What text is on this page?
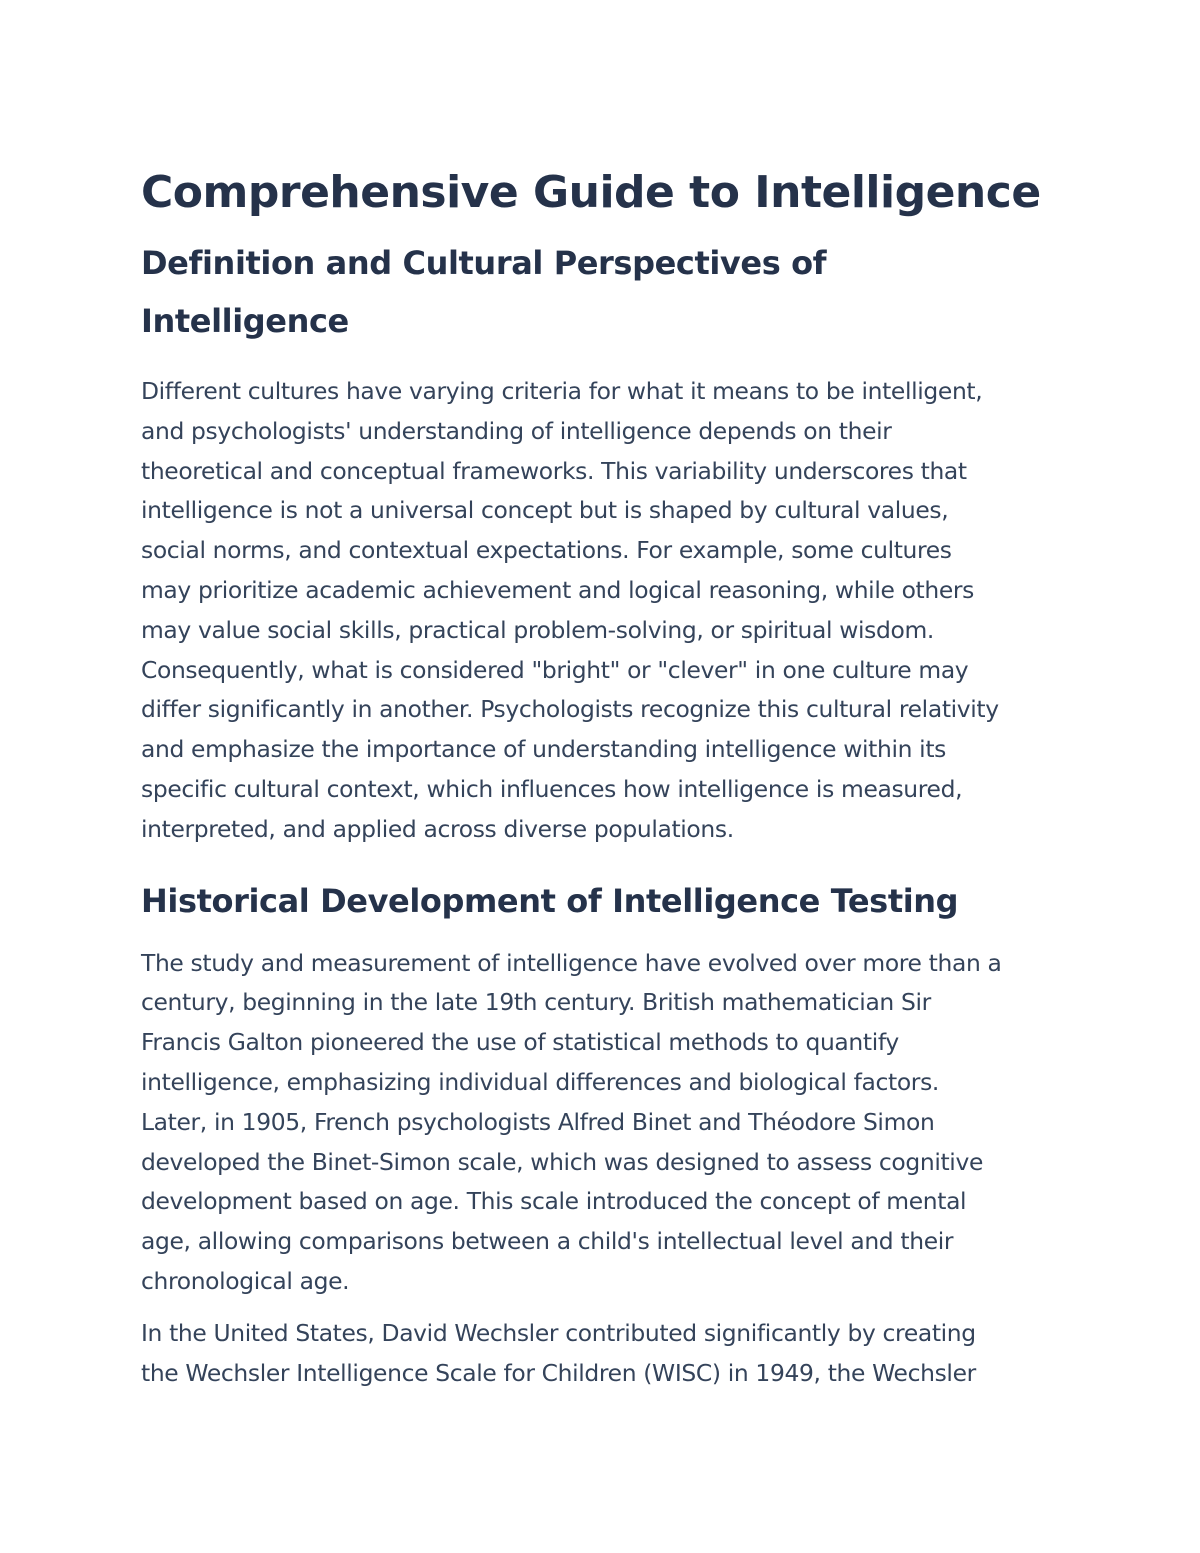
Comprehensive Guide to Intelligence
Definition and Cultural Perspectives of Intelligence

Different cultures have varying criteria for what it means to be intelligent,
and psychologists' understanding of intelligence depends on their
theoretical and conceptual frameworks. This variability underscores that
intelligence is not a universal concept but is shaped by cultural values,
social norms, and contextual expectations. For example, some cultures
may prioritize academic achievement and logical reasoning, while others
may value social skills, practical problem-solving, or spiritual wisdom.
Consequently, what is considered "bright" or "clever" in one culture may
differ significantly in another. Psychologists recognize this cultural relativity
and emphasize the importance of understanding intelligence within its
specific cultural context, which influences how intelligence is measured,
interpreted, and applied across diverse populations.

Historical Development of Intelligence Testing

The study and measurement of intelligence have evolved over more than a
century, beginning in the late 19th century. British mathematician Sir
Francis Galton pioneered the use of statistical methods to quantify
intelligence, emphasizing individual differences and biological factors.
Later, in 1905, French psychologists Alfred Binet and Théodore Simon
developed the Binet-Simon scale, which was designed to assess cognitive
development based on age. This scale introduced the concept of mental
age, allowing comparisons between a child's intellectual level and their
chronological age.

In the United States, David Wechsler contributed significantly by creating
the Wechsler Intelligence Scale for Children (WISC) in 1949, the Wechsler
